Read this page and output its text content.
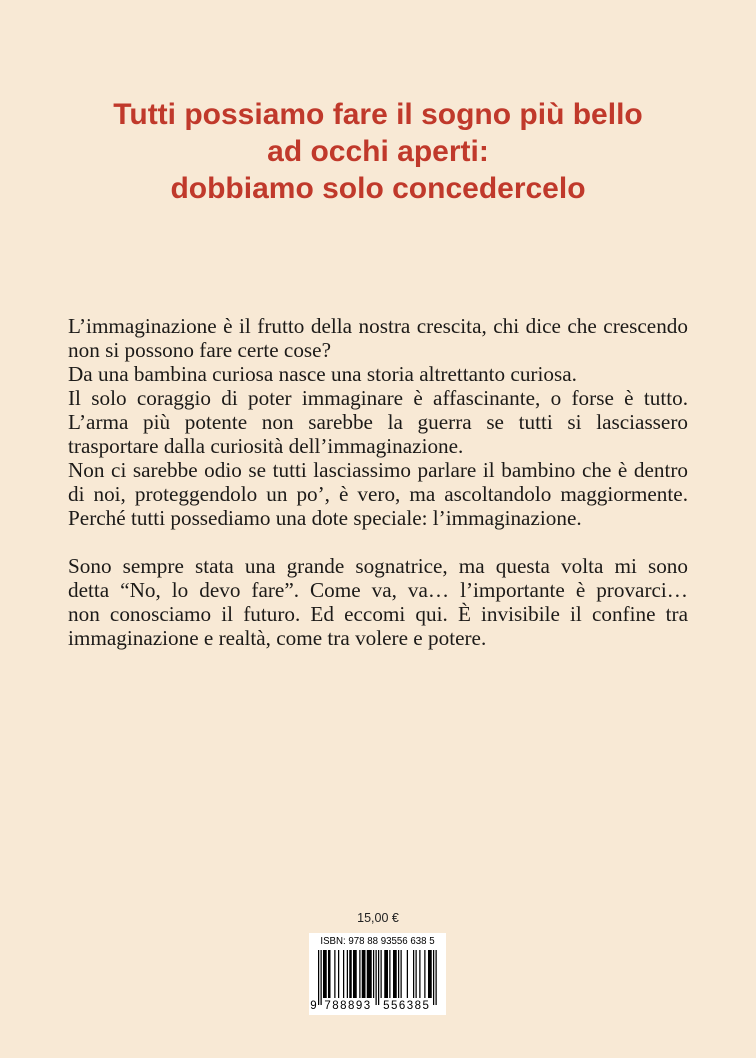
Tutti possiamo fare il sogno più bello
ad occhi aperti:
dobbiamo solo concedercelo
L’immaginazione è il frutto della nostra crescita, chi dice che crescendo
non si possono fare certe cose?
Da una bambina curiosa nasce una storia altrettanto curiosa.
Il solo coraggio di poter immaginare è affascinante, o forse è tutto.
L’arma più potente non sarebbe la guerra se tutti si lasciassero
trasportare dalla curiosità dell’immaginazione.
Non ci sarebbe odio se tutti lasciassimo parlare il bambino che è dentro
di noi, proteggendolo un po’, è vero, ma ascoltandolo maggiormente.
Perché tutti possediamo una dote speciale: l’immaginazione.
Sono sempre stata una grande sognatrice, ma questa volta mi sono
detta “No, lo devo fare”. Come va, va… l’importante è provarci…
non conosciamo il futuro. Ed eccomi qui. È invisibile il confine tra
immaginazione e realtà, come tra volere e potere.
15,00 €
ISBN: 978 88 93556 638 5
9 788893 556385
